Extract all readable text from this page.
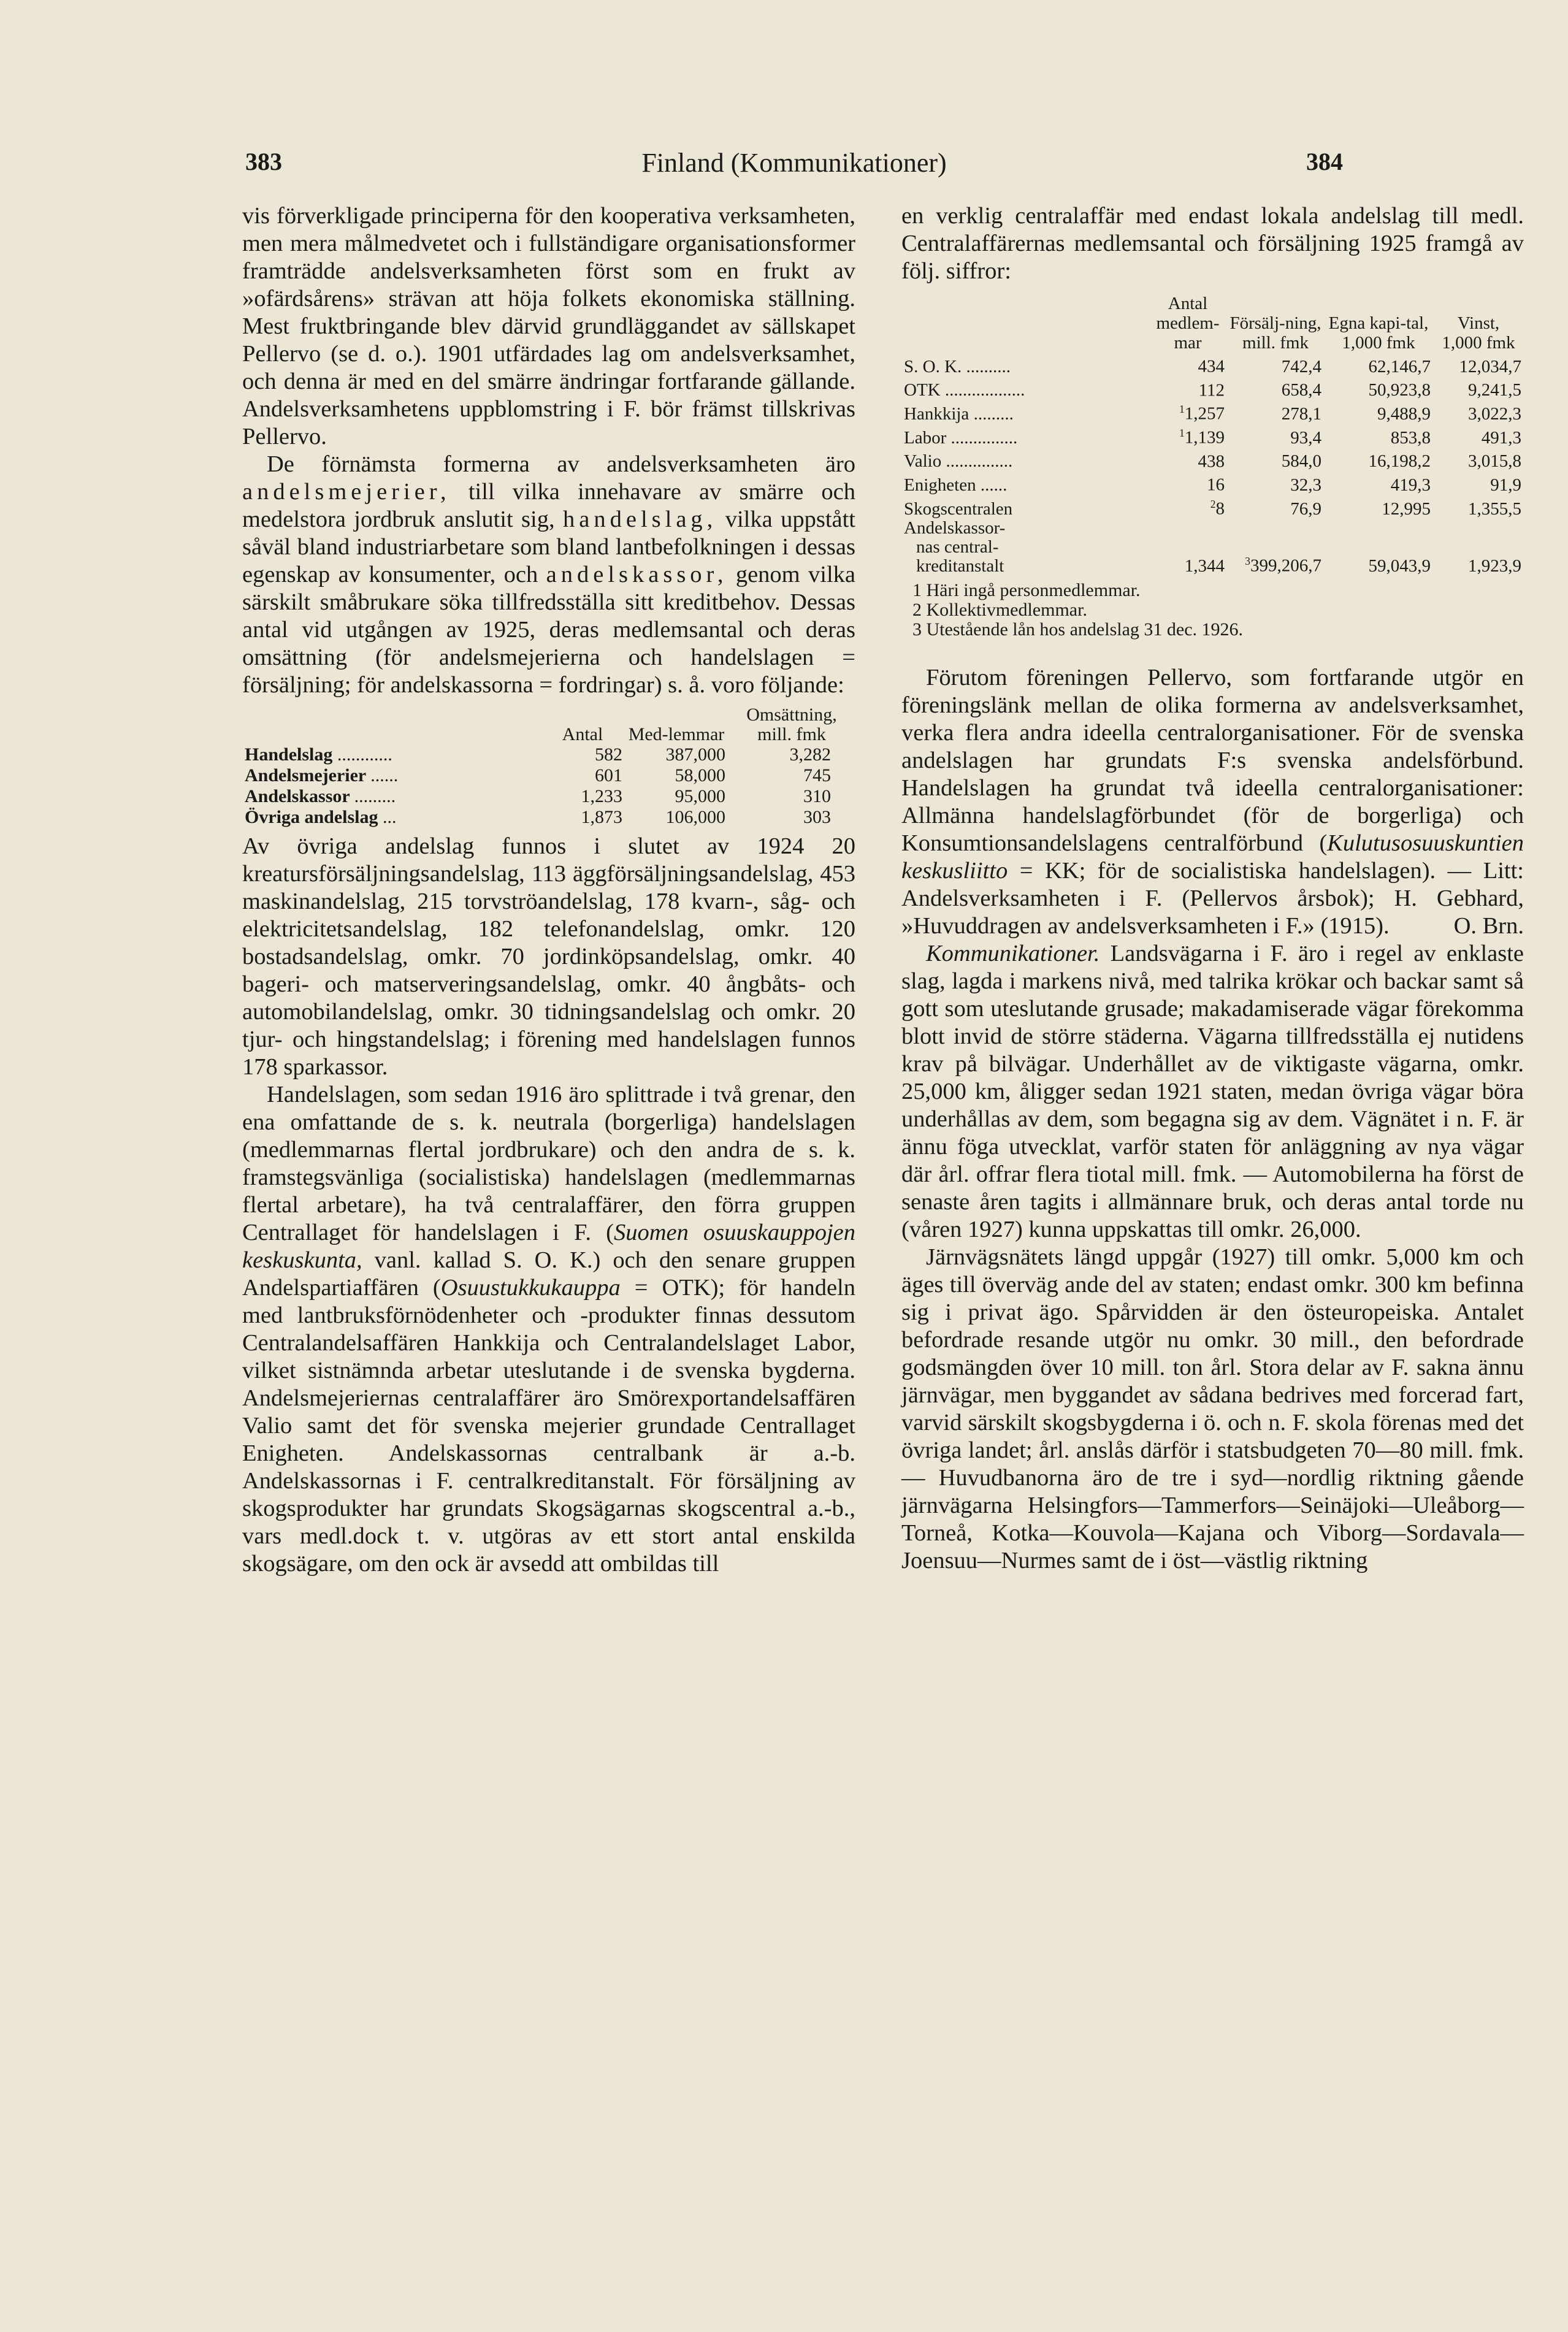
383	Finland (Kommunikationer)	384

vis förverkligade principerna för den kooperativa verksamheten, men mera målmedvetet och i fullständigare organisationsformer framträdde andelsverksamheten först som en frukt av »ofärdsårens» strävan att höja folkets ekonomiska ställning. Mest fruktbringande blev därvid grundläggandet av sällskapet Pellervo (se d. o.). 1901 utfärdades lag om andelsverksamhet, och denna är med en del smärre ändringar fortfarande gällande. Andelsverksamhetens uppblomstring i F. bör främst tillskrivas Pellervo.

De förnämsta formerna av andelsverksamheten äro andelsmejerier, till vilka innehavare av smärre och medelstora jordbruk anslutit sig, handelslag, vilka uppstått såväl bland industriarbetare som bland lantbefolkningen i dessas egenskap av konsumenter, och andelskassor, genom vilka särskilt småbrukare söka tillfredsställa sitt kreditbehov. Dessas antal vid utgången av 1925, deras medlemsantal och deras omsättning (för andelsmejerierna och handelslagen = försäljning; för andelskassorna = fordringar) s. å. voro följande:

	Antal	Med-lemmar	Omsättning, mill. fmk
Handelslag ............	582	387,000	3,282
Andelsmejerier ......	601	58,000	745
Andelskassor .........	1,233	95,000	310
Övriga andelslag ...	1,873	106,000	303

Av övriga andelslag funnos i slutet av 1924 20 kreatursförsäljningsandelslag, 113 äggförsäljningsandelslag, 453 maskinandelslag, 215 torvströandelslag, 178 kvarn-, såg- och elektricitetsandelslag, 182 telefonandelslag, omkr. 120 bostadsandelslag, omkr. 70 jordinköpsandelslag, omkr. 40 bageri- och matserveringsandelslag, omkr. 40 ångbåts- och automobilandelslag, omkr. 30 tidningsandelslag och omkr. 20 tjur- och hingstandelslag; i förening med handelslagen funnos 178 sparkassor.

Handelslagen, som sedan 1916 äro splittrade i två grenar, den ena omfattande de s. k. neutrala (borgerliga) handelslagen (medlemmarnas flertal jordbrukare) och den andra de s. k. framstegsvänliga (socialistiska) handelslagen (medlemmarnas flertal arbetare), ha två centralaffärer, den förra gruppen Centrallaget för handelslagen i F. (Suomen osuuskauppojen keskuskunta, vanl. kallad S. O. K.) och den senare gruppen Andelspartiaffären (Osuustukkukauppa = OTK); för handeln med lantbruksförnödenheter och -produkter finnas dessutom Centralandelsaffären Hankkija och Centralandelslaget Labor, vilket sistnämnda arbetar uteslutande i de svenska bygderna. Andelsmejeriernas centralaffärer äro Smörexportandelsaffären Valio samt det för svenska mejerier grundade Centrallaget Enigheten. Andelskassornas centralbank är a.-b. Andelskassornas i F. centralkreditanstalt. För försäljning av skogsprodukter har grundats Skogsägarnas skogscentral a.-b., vars medl.dock t. v. utgöras av ett stort antal enskilda skogsägare, om den ock är avsedd att ombildas till

en verklig centralaffär med endast lokala andelslag till medl. Centralaffärernas medlemsantal och försäljning 1925 framgå av följ. siffror:

	Antal medlem-mar	Försälj-ning, mill. fmk	Egna kapi-tal, 1,000 fmk	Vinst, 1,000 fmk
S. O. K. ..........	434	742,4	62,146,7	12,034,7
OTK ..................	112	658,4	50,923,8	9,241,5
Hankkija .........	$^1$1,257	278,1	9,488,9	3,022,3
Labor ...............	$^1$1,139	93,4	853,8	491,3
Valio ...............	438	584,0	16,198,2	3,015,8
Enigheten ......	16	32,3	419,3	91,9
Skogscentralen	$^2$8	76,9	12,995	1,355,5
Andelskassor-
nas central-
kreditanstalt	1,344	$^3$399,206,7	59,043,9	1,923,9
1 Häri ingå personmedlemmar.
2 Kollektivmedlemmar.
3 Utestående lån hos andelslag 31 dec. 1926.

Förutom föreningen Pellervo, som fortfarande utgör en föreningslänk mellan de olika formerna av andelsverksamhet, verka flera andra ideella centralorganisationer. För de svenska andelslagen har grundats F:s svenska andelsförbund. Handelslagen ha grundat två ideella centralorganisationer: Allmänna handelslagförbundet (för de borgerliga) och Konsumtionsandelslagens centralförbund (Kulutusosuuskuntien keskusliitto = KK; för de socialistiska handelslagen). — Litt: Andelsverksamheten i F. (Pellervos årsbok); H. Gebhard, »Huvuddragen av andelsverksamheten i F.» (1915).	O. Brn.

Kommunikationer. Landsvägarna i F. äro i regel av enklaste slag, lagda i markens nivå, med talrika krökar och backar samt så gott som uteslutande grusade; makadamiserade vägar förekomma blott invid de större städerna. Vägarna tillfredsställa ej nutidens krav på bilvägar. Underhållet av de viktigaste vägarna, omkr. 25,000 km, åligger sedan 1921 staten, medan övriga vägar böra underhållas av dem, som begagna sig av dem. Vägnätet i n. F. är ännu föga utvecklat, varför staten för anläggning av nya vägar där årl. offrar flera tiotal mill. fmk. — Automobilerna ha först de senaste åren tagits i allmännare bruk, och deras antal torde nu (våren 1927) kunna uppskattas till omkr. 26,000.

Järnvägsnätets längd uppgår (1927) till omkr. 5,000 km och äges till överväg ande del av staten; endast omkr. 300 km befinna sig i privat ägo. Spårvidden är den östeuropeiska. Antalet befordrade resande utgör nu omkr. 30 mill., den befordrade godsmängden över 10 mill. ton årl. Stora delar av F. sakna ännu järnvägar, men byggandet av sådana bedrives med forcerad fart, varvid särskilt skogsbygderna i ö. och n. F. skola förenas med det övriga landet; årl. anslås därför i statsbudgeten 70—80 mill. fmk. — Huvudbanorna äro de tre i syd—nordlig riktning gående järnvägarna Helsingfors—Tammerfors—Seinäjoki—Uleåborg—Torneå, Kotka—Kouvola—Kajana och Viborg—Sordavala—Joensuu—Nurmes samt de i öst—västlig riktning
